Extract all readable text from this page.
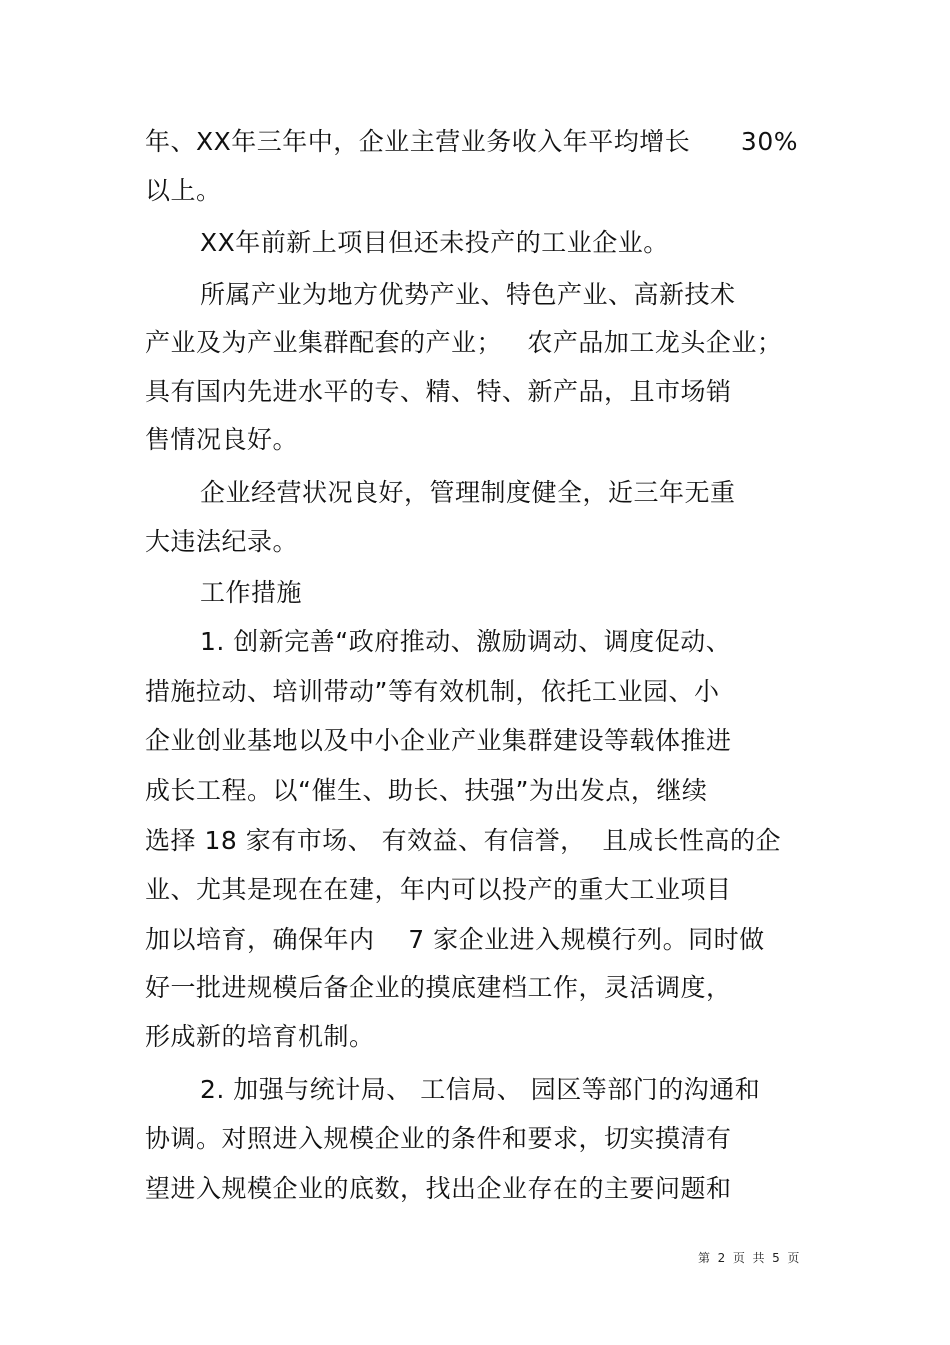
年、XX年三年中，企业主营业务收入年平均增长      30%
以上。
XX年前新上项目但还未投产的工业企业。
所属产业为地方优势产业、特色产业、高新技术
产业及为产业集群配套的产业；   农产品加工龙头企业；
具有国内先进水平的专、精、特、新产品，且市场销
售情况良好。
企业经营状况良好，管理制度健全，近三年无重
大违法纪录。
工作措施
1. 创新完善“政府推动、激励调动、调度促动、
措施拉动、培训带动”等有效机制，依托工业园、小
企业创业基地以及中小企业产业集群建设等载体推进
成长工程。以“催生、助长、扶强”为出发点，继续
选择 18 家有市场、 有效益、有信誉，  且成长性高的企
业、尤其是现在在建，年内可以投产的重大工业项目
加以培育，确保年内    7 家企业进入规模行列。同时做
好一批进规模后备企业的摸底建档工作，灵活调度，
形成新的培育机制。
2. 加强与统计局、 工信局、 园区等部门的沟通和
协调。对照进入规模企业的条件和要求，切实摸清有
望进入规模企业的底数，找出企业存在的主要问题和
第  2  页  共  5  页
